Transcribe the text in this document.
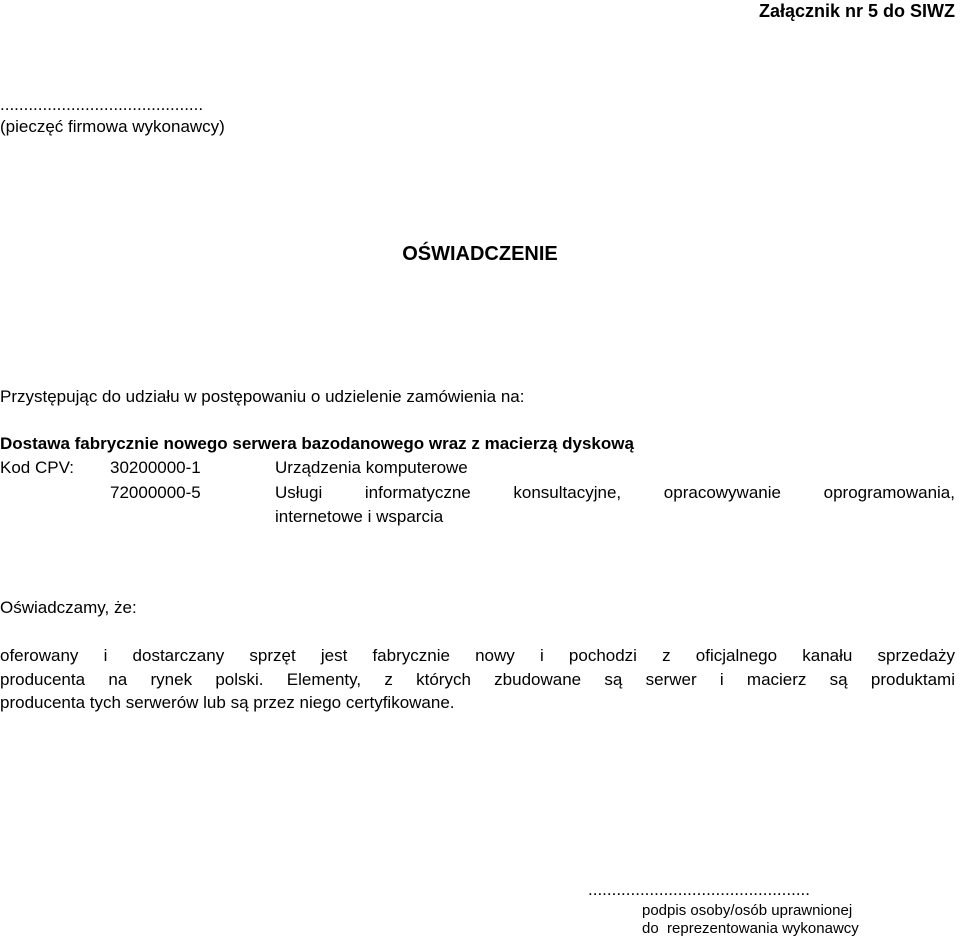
Załącznik nr 5 do SIWZ
...........................................
(pieczęć firmowa wykonawcy)
OŚWIADCZENIE
Przystępując do udziału w postępowaniu o udzielenie zamówienia na:
Dostawa fabrycznie nowego serwera bazodanowego wraz z macierzą dyskową
Kod CPV: 30200000-1	Urządzenia komputerowe
72000000-5	Usługi informatyczne konsultacyjne, opracowywanie oprogramowania,
internetowe i wsparcia
Oświadczamy, że:
oferowany i dostarczany sprzęt jest fabrycznie nowy i pochodzi z oficjalnego kanału sprzedaży
producenta na rynek polski. Elementy, z których zbudowane są serwer i macierz są produktami
producenta tych serwerów lub są przez niego certyfikowane.
...............................................
podpis osoby/osób uprawnionej
do  reprezentowania wykonawcy
